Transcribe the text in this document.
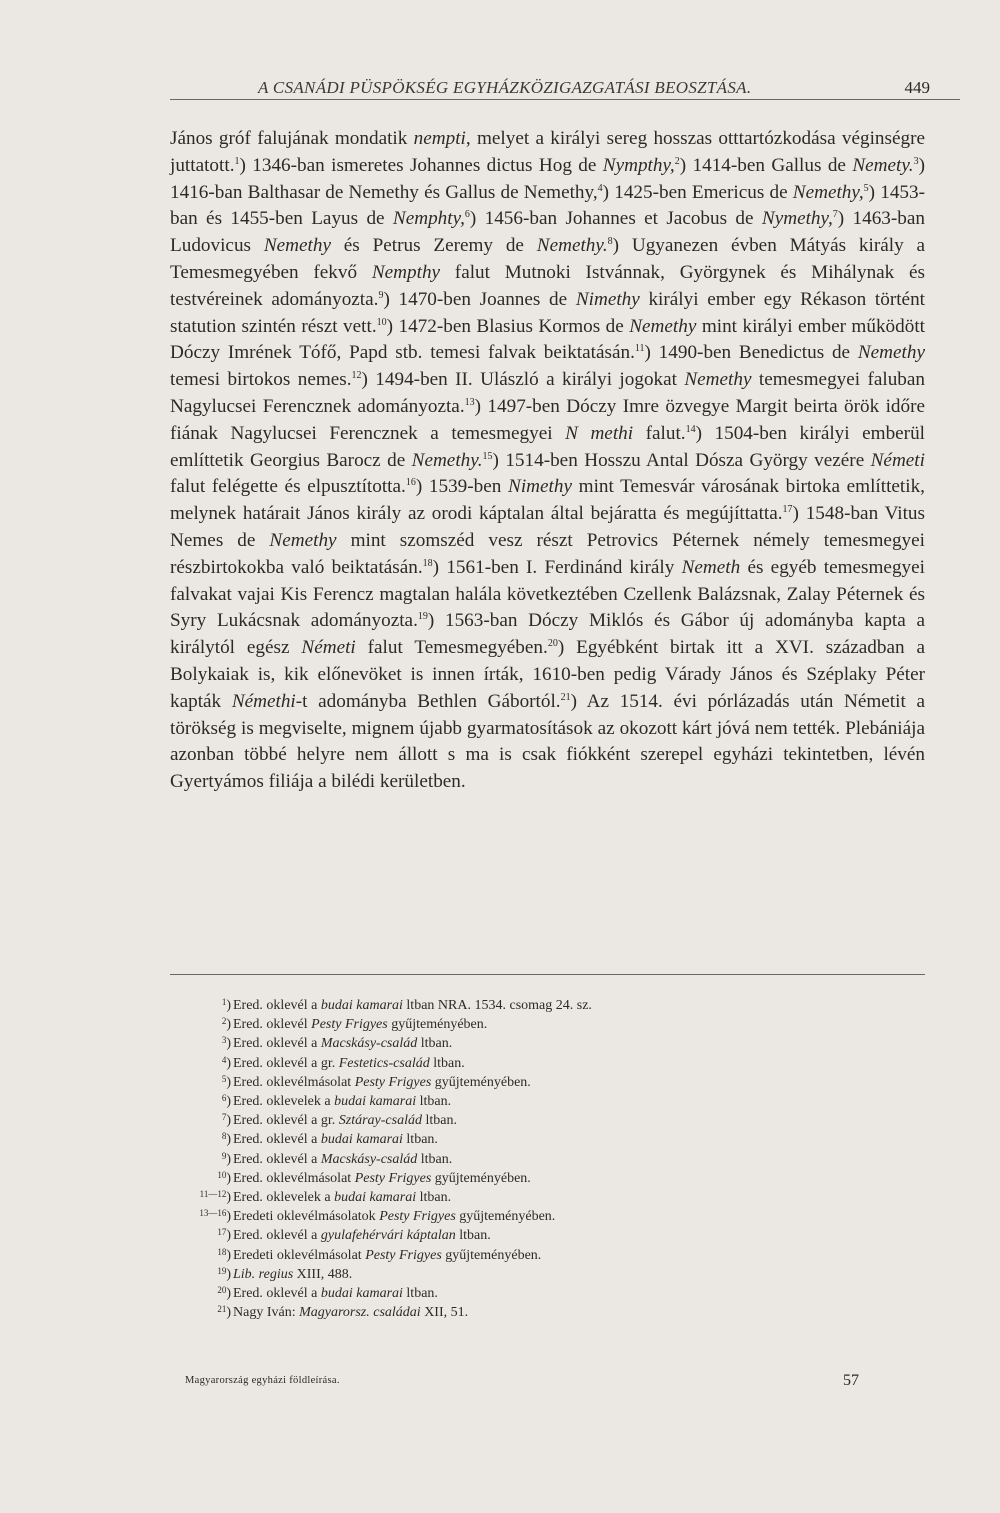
A CSANÁDI PÜSPÖKSÉG EGYHÁZKÖZIGAZGATÁSI BEOSZTÁSA.	449

János gróf falujának mondatik nempti, melyet a királyi sereg hosszas otttartózkodása véginségre juttatott.$^1$) 1346-ban ismeretes Johannes dictus Hog de Nympthy,$^2$) 1414-ben Gallus de Nemety.$^3$) 1416-ban Balthasar de Nemethy és Gallus de Nemethy,$^4$) 1425-ben Emericus de Nemethy,$^5$) 1453-ban és 1455-ben Layus de Nemphty,$^6$) 1456-ban Johannes et Jacobus de Nymethy,$^7$) 1463-ban Ludovicus Nemethy és Petrus Zeremy de Nemethy.$^8$) Ugyanezen évben Mátyás király a Temesmegyében fekvő Nempthy falut Mutnoki Istvánnak, Györgynek és Mihálynak és testvéreinek adományozta.$^9$) 1470-ben Joannes de Nimethy királyi ember egy Rékason történt statution szintén részt vett.$^{10}$) 1472-ben Blasius Kormos de Nemethy mint királyi ember működött Dóczy Imrének Tófő, Papd stb. temesi falvak beiktatásán.$^{11}$) 1490-ben Benedictus de Nemethy temesi birtokos nemes.$^{12}$) 1494-ben II. Ulászló a királyi jogokat Nemethy temesmegyei faluban Nagylucsei Ferencznek adományozta.$^{13}$) 1497-ben Dóczy Imre özvegye Margit beirta örök időre fiának Nagylucsei Ferencznek a temesmegyei N methi falut.$^{14}$) 1504-ben királyi emberül említtetik Georgius Barocz de Nemethy.$^{15}$) 1514-ben Hosszu Antal Dósza György vezére Németi falut felégette és elpusztította.$^{16}$) 1539-ben Nimethy mint Temesvár városának birtoka említtetik, melynek határait János király az orodi káptalan által bejáratta és megújíttatta.$^{17}$) 1548-ban Vitus Nemes de Nemethy mint szomszéd vesz részt Petrovics Péternek némely temesmegyei részbirtokokba való beiktatásán.$^{18}$) 1561-ben I. Ferdinánd király Nemeth és egyéb temesmegyei falvakat vajai Kis Ferencz magtalan halála következtében Czellenk Balázsnak, Zalay Péternek és Syry Lukácsnak adományozta.$^{19}$) 1563-ban Dóczy Miklós és Gábor új adományba kapta a királytól egész Németi falut Temesmegyében.$^{20}$) Egyébként birtak itt a XVI. században a Bolykaiak is, kik előnevöket is innen írták, 1610-ben pedig Várady János és Széplaky Péter kapták Némethi-t adományba Bethlen Gábortól.$^{21}$) Az 1514. évi pórlázadás után Németit a törökség is megviselte, mignem újabb gyarmatosítások az okozott kárt jóvá nem tették. Plebániája azonban többé helyre nem állott s ma is csak fiókként szerepel egyházi tekintetben, lévén Gyertyámos filiája a bilédi kerületben.

$^1$) Ered. oklevél a budai kamarai ltban NRA. 1534. csomag 24. sz.
$^2$) Ered. oklevél Pesty Frigyes gyűjteményében.
$^3$) Ered. oklevél a Macskásy-család ltban.
$^4$) Ered. oklevél a gr. Festetics-család ltban.
$^5$) Ered. oklevélmásolat Pesty Frigyes gyűjteményében.
$^6$) Ered. oklevelek a budai kamarai ltban.
$^7$) Ered. oklevél a gr. Sztáray-család ltban.
$^8$) Ered. oklevél a budai kamarai ltban.
$^9$) Ered. oklevél a Macskásy-család ltban.
$^{10}$) Ered. oklevélmásolat Pesty Frigyes gyűjteményében.
$^{11—12}$) Ered. oklevelek a budai kamarai ltban.
$^{13—16}$) Eredeti oklevélmásolatok Pesty Frigyes gyűjteményében.
$^{17}$) Ered. oklevél a gyulafehérvári káptalan ltban.
$^{18}$) Eredeti oklevélmásolat Pesty Frigyes gyűjteményében.
$^{19}$) Lib. regius XIII, 488.
$^{20}$) Ered. oklevél a budai kamarai ltban.
$^{21}$) Nagy Iván: Magyarorsz. családai XII, 51.
Magyarország egyházi földleírása.	57
